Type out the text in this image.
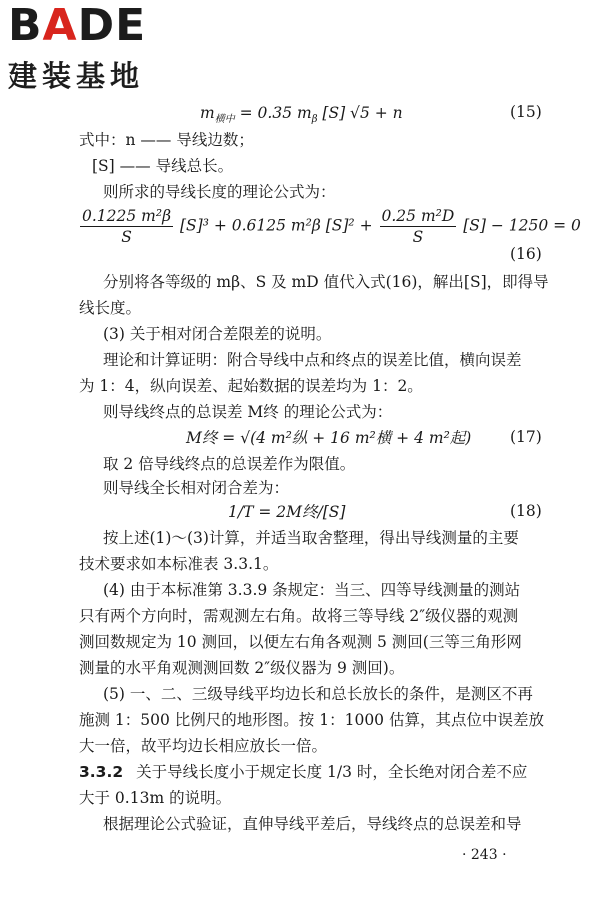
BADE
建装基地
$m_{横中} = 0.35$ $m_\beta$ [S] √5 + n	(15)
式中：n —— 导线边数；
[S] —— 导线总长。
则所求的导线长度的理论公式为：
$\frac{\text{0.1225 m²β}}{S} [S]^3 + 0.6125$ m²β $[S]^2 + \frac{\text{0.25 m²D}}{S} [S] - 1250 = 0$
(16)
分别将各等级的 mβ、S 及 mD 值代入式(16)，解出[S]，即得导
线长度。
(3) 关于相对闭合差限差的说明。
理论和计算证明：附合导线中点和终点的误差比值，横向误差
为 1：4，纵向误差、起始数据的误差均为 1：2。
则导线终点的总误差 M终 的理论公式为：
M终 = √(4 m²纵 + 16 m²横 + 4 m²起) (17)
取 2 倍导线终点的总误差作为限值。
则导线全长相对闭合差为：
1/T = 2M终/[S]	(18)
按上述(1)～(3)计算，并适当取舍整理，得出导线测量的主要
技术要求如本标准表 3.3.1。
(4) 由于本标准第 3.3.9 条规定：当三、四等导线测量的测站
只有两个方向时，需观测左右角。故将三等导线 2″级仪器的观测
测回数规定为 10 测回，以便左右角各观测 5 测回(三等三角形网
测量的水平角观测测回数 2″级仪器为 9 测回)。
(5) 一、二、三级导线平均边长和总长放长的条件，是测区不再
施测 1：500 比例尺的地形图。按 1：1000 估算，其点位中误差放
大一倍，故平均边长相应放长一倍。
3.3.2 关于导线长度小于规定长度 1/3 时，全长绝对闭合差不应
大于 0.13m 的说明。
根据理论公式验证，直伸导线平差后，导线终点的总误差和导
· 243 ·
